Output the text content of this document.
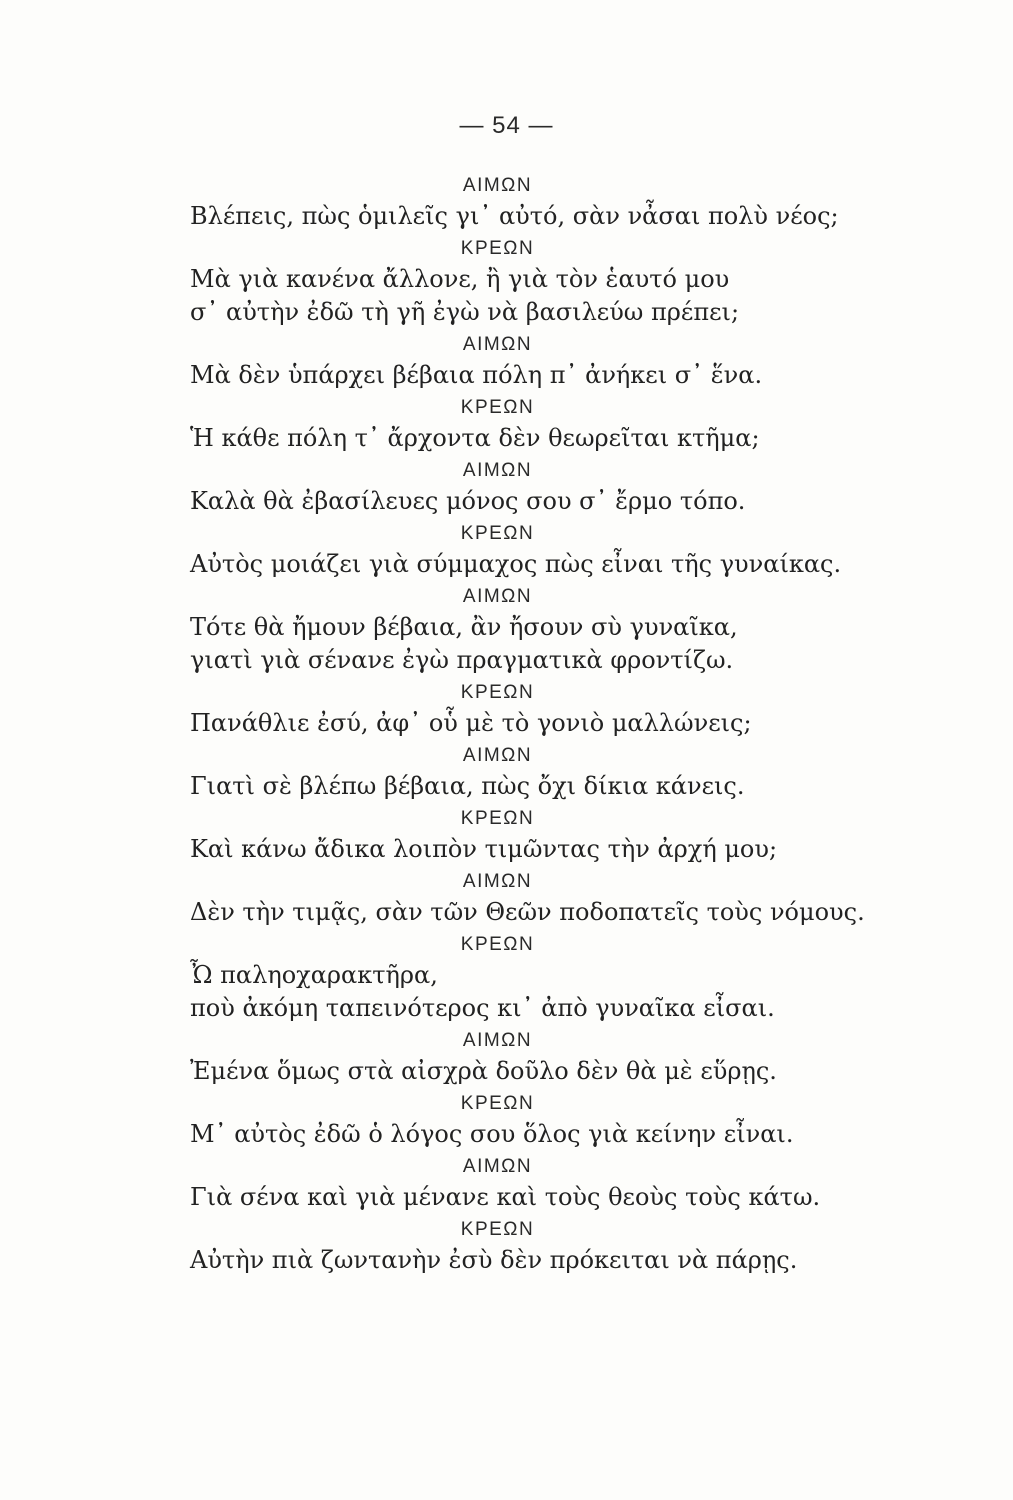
— 54 —
ΑΙΜΩΝ
Βλέπεις, πὼς ὁμιλεῖς γι᾽ αὐτό, σὰν νἆσαι πολὺ νέος;
ΚΡΕΩΝ
Μὰ γιὰ κανένα ἄλλονε, ἢ γιὰ τὸν ἑαυτό μου
σ᾽ αὐτὴν ἐδῶ τὴ γῆ ἐγὼ νὰ βασιλεύω πρέπει;
ΑΙΜΩΝ
Μὰ δὲν ὑπάρχει βέβαια πόλη π᾽ ἀνήκει σ᾽ ἕνα.
ΚΡΕΩΝ
Ἡ κάθε πόλη τ᾽ ἄρχοντα δὲν θεωρεῖται κτῆμα;
ΑΙΜΩΝ
Καλὰ θὰ ἐβασίλευες μόνος σου σ᾽ ἔρμο τόπο.
ΚΡΕΩΝ
Αὐτὸς μοιάζει γιὰ σύμμαχος πὼς εἶναι τῆς γυναίκας.
ΑΙΜΩΝ
Τότε θὰ ἤμουν βέβαια, ἂν ἤσουν σὺ γυναῖκα,
γιατὶ γιὰ σένανε ἐγὼ πραγματικὰ φροντίζω.
ΚΡΕΩΝ
Πανάθλιε ἐσύ, ἀφ᾽ οὗ μὲ τὸ γονιὸ μαλλώνεις;
ΑΙΜΩΝ
Γιατὶ σὲ βλέπω βέβαια, πὼς ὄχι δίκια κάνεις.
ΚΡΕΩΝ
Καὶ κάνω ἄδικα λοιπὸν τιμῶντας τὴν ἀρχή μου;
ΑΙΜΩΝ
Δὲν τὴν τιμᾷς, σὰν τῶν Θεῶν ποδοπατεῖς τοὺς νόμους.
ΚΡΕΩΝ
Ὦ παληοχαρακτῆρα,
ποὺ ἀκόμη ταπεινότερος κι᾽ ἀπὸ γυναῖκα εἶσαι.
ΑΙΜΩΝ
Ἐμένα ὅμως στὰ αἰσχρὰ δοῦλο δὲν θὰ μὲ εὕρῃς.
ΚΡΕΩΝ
Μ᾽ αὐτὸς ἐδῶ ὁ λόγος σου ὅλος γιὰ κείνην εἶναι.
ΑΙΜΩΝ
Γιὰ σένα καὶ γιὰ μένανε καὶ τοὺς θεοὺς τοὺς κάτω.
ΚΡΕΩΝ
Αὐτὴν πιὰ ζωντανὴν ἐσὺ δὲν πρόκειται νὰ πάρῃς.
